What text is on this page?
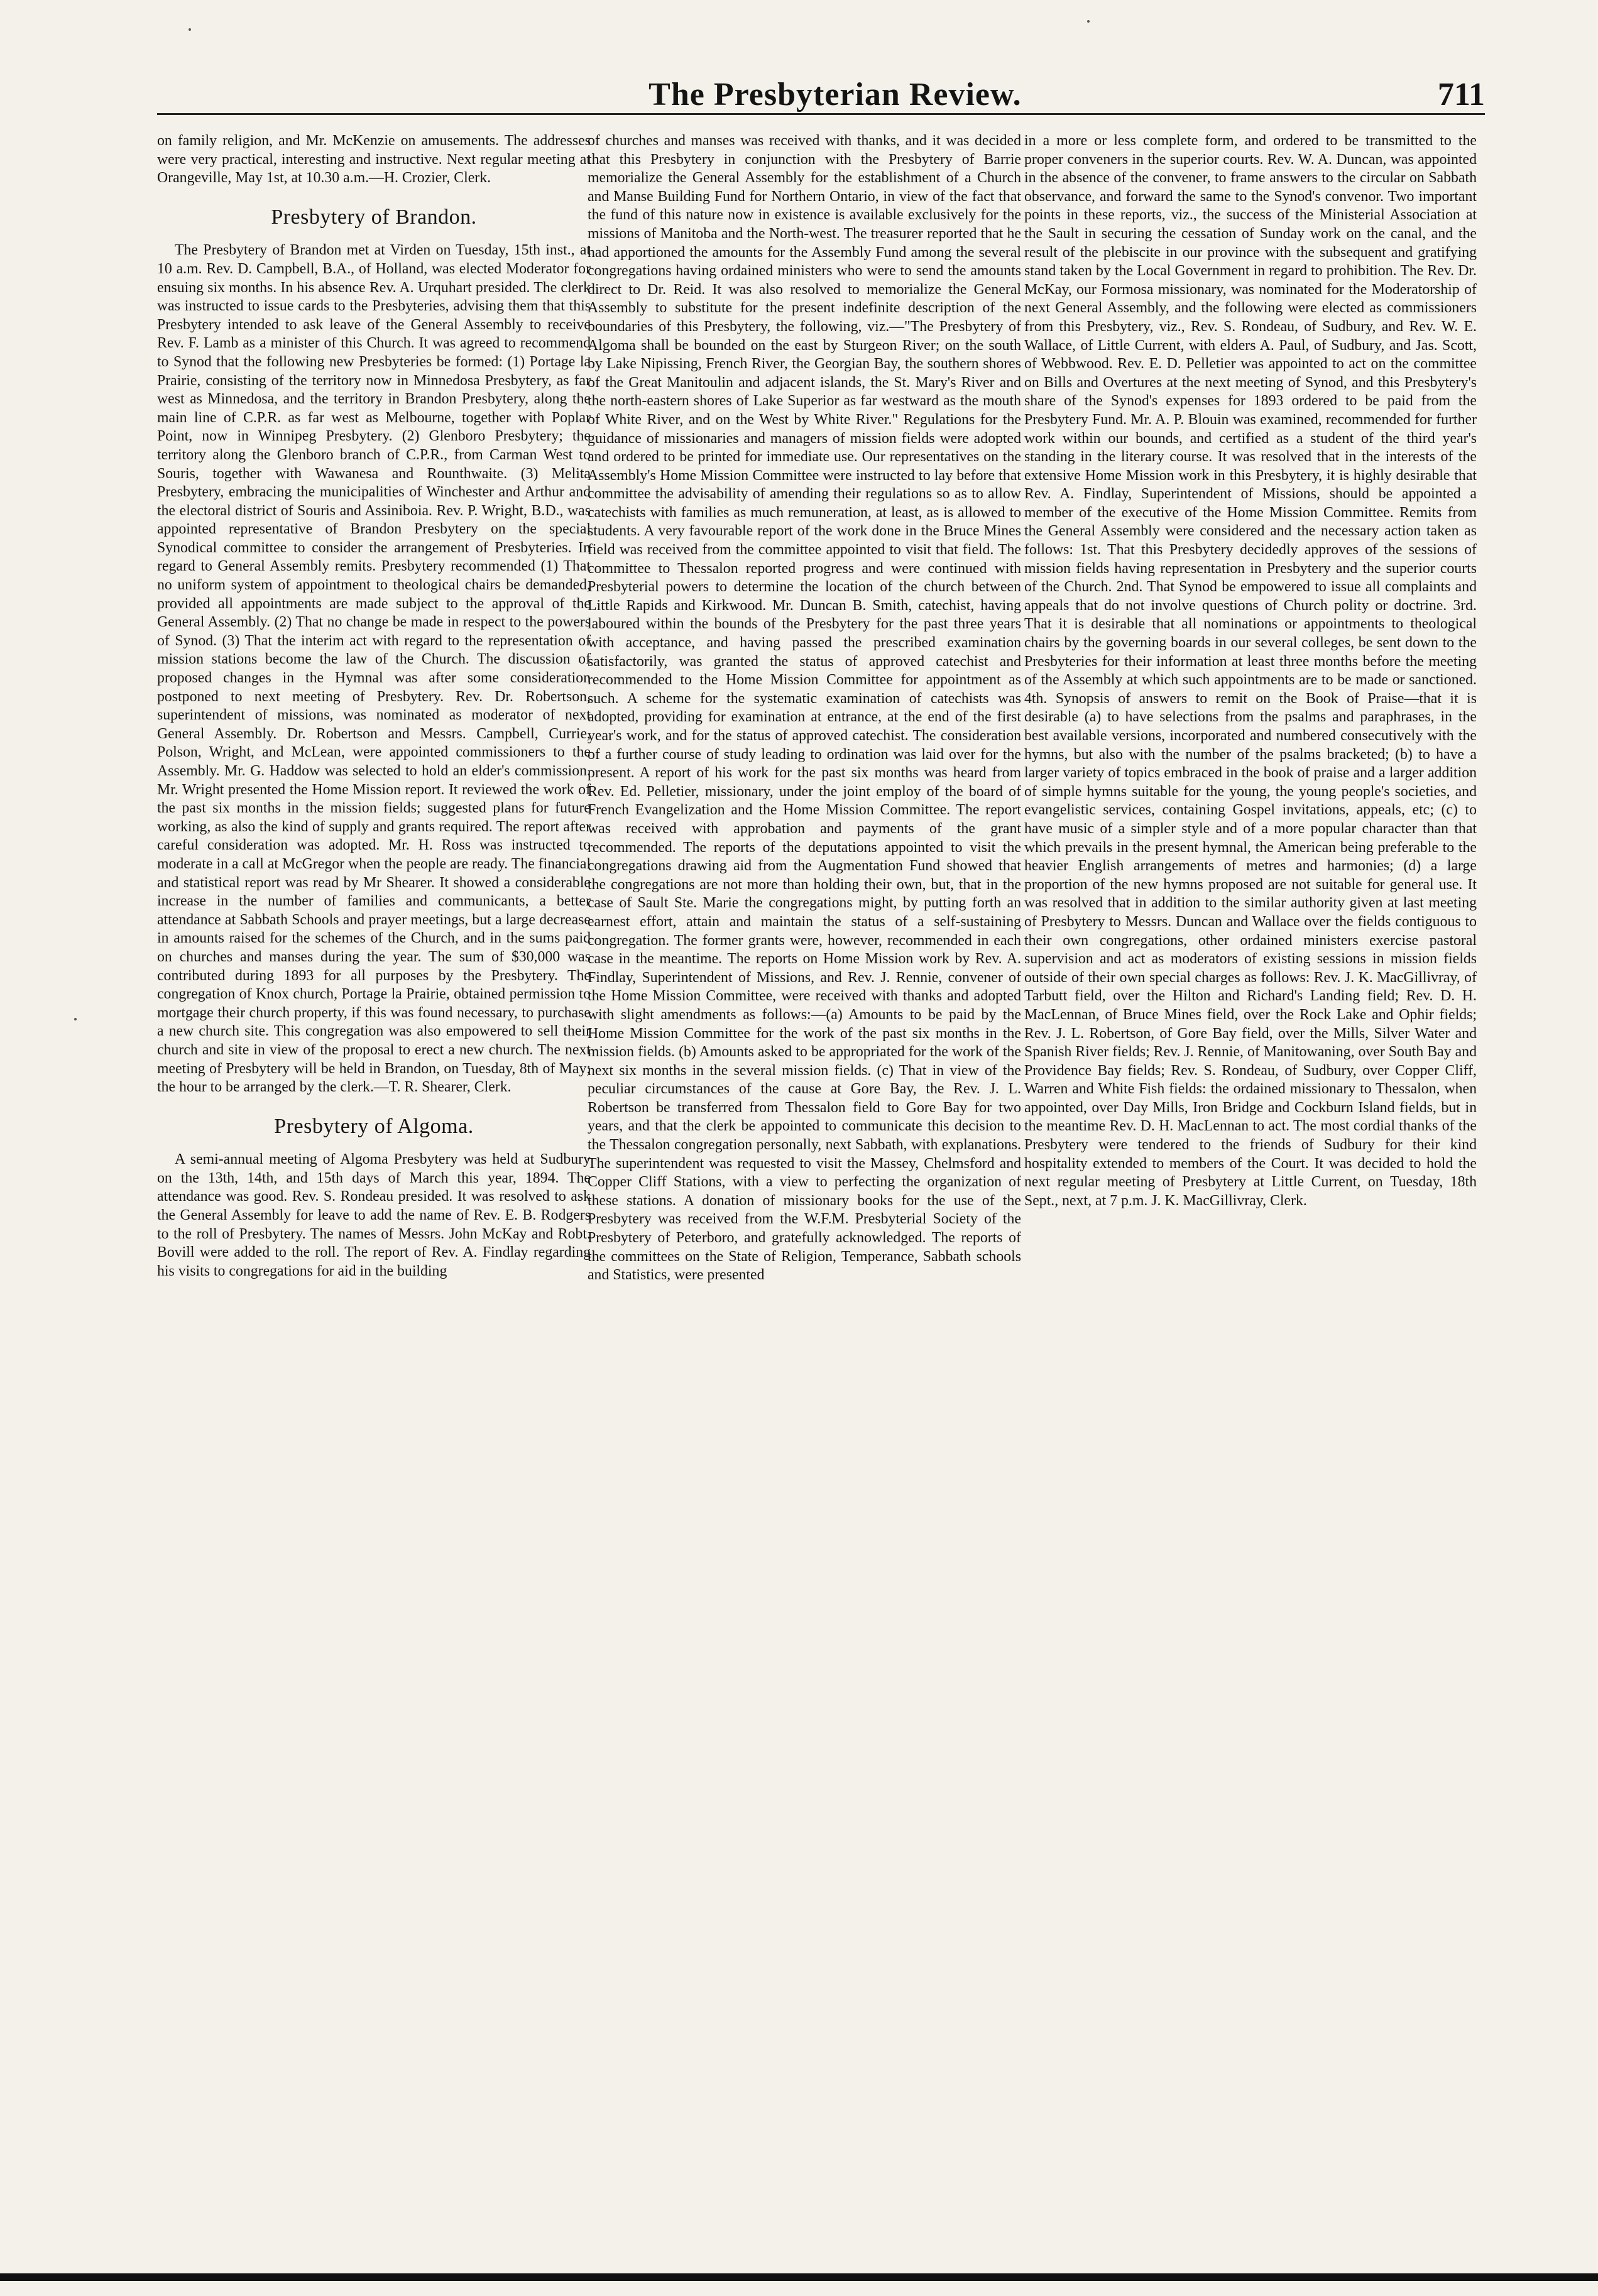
The Presbyterian Review.	711

on family religion, and Mr. McKenzie on amusements. The addresses were very practical, interesting and instructive. Next regular meeting at Orangeville, May 1st, at 10.30 a.m.—H. Crozier, Clerk.

Presbytery of Brandon.

The Presbytery of Brandon met at Virden on Tuesday, 15th inst., at 10 a.m. Rev. D. Campbell, B.A., of Holland, was elected Moderator for ensuing six months. In his absence Rev. A. Urquhart presided. The clerk was instructed to issue cards to the Presbyteries, advising them that this Presbytery intended to ask leave of the General Assembly to receive Rev. F. Lamb as a minister of this Church. It was agreed to recommend to Synod that the following new Presbyteries be formed: (1) Portage la Prairie, consisting of the territory now in Minnedosa Presbytery, as far west as Minnedosa, and the territory in Brandon Presbytery, along the main line of C.P.R. as far west as Melbourne, together with Poplar Point, now in Winnipeg Presbytery. (2) Glenboro Presbytery; the territory along the Glenboro branch of C.P.R., from Carman West to Souris, together with Wawanesa and Rounthwaite. (3) Melita Presbytery, embracing the municipalities of Winchester and Arthur and the electoral district of Souris and Assiniboia. Rev. P. Wright, B.D., was appointed representative of Brandon Presbytery on the special Synodical committee to consider the arrangement of Presbyteries. In regard to General Assembly remits. Presbytery recommended (1) That no uniform system of appointment to theological chairs be demanded, provided all appointments are made subject to the approval of the General Assembly. (2) That no change be made in respect to the powers of Synod. (3) That the interim act with regard to the representation of mission stations become the law of the Church. The discussion of proposed changes in the Hymnal was after some consideration postponed to next meeting of Presbytery. Rev. Dr. Robertson, superintendent of missions, was nominated as moderator of next General Assembly. Dr. Robertson and Messrs. Campbell, Currie, Polson, Wright, and McLean, were appointed commissioners to the Assembly. Mr. G. Haddow was selected to hold an elder's commission. Mr. Wright presented the Home Mission report. It reviewed the work of the past six months in the mission fields; suggested plans for future working, as also the kind of supply and grants required. The report after careful consideration was adopted. Mr. H. Ross was instructed to moderate in a call at McGregor when the people are ready. The financial and statistical report was read by Mr Shearer. It showed a considerable increase in the number of families and communicants, a better attendance at Sabbath Schools and prayer meetings, but a large decrease in amounts raised for the schemes of the Church, and in the sums paid on churches and manses during the year. The sum of $30,000 was contributed during 1893 for all purposes by the Presbytery. The congregation of Knox church, Portage la Prairie, obtained permission to mortgage their church property, if this was found necessary, to purchase a new church site. This congregation was also empowered to sell their church and site in view of the proposal to erect a new church. The next meeting of Presbytery will be held in Brandon, on Tuesday, 8th of May; the hour to be arranged by the clerk.—T. R. Shearer, Clerk.

Presbytery of Algoma.

A semi-annual meeting of Algoma Presbytery was held at Sudbury on the 13th, 14th, and 15th days of March this year, 1894. The attendance was good. Rev. S. Rondeau presided. It was resolved to ask the General Assembly for leave to add the name of Rev. E. B. Rodgers to the roll of Presbytery. The names of Messrs. John McKay and Robt. Bovill were added to the roll. The report of Rev. A. Findlay regarding his visits to congregations for aid in the building

of churches and manses was received with thanks, and it was decided that this Presbytery in conjunction with the Presbytery of Barrie memorialize the General Assembly for the establishment of a Church and Manse Building Fund for Northern Ontario, in view of the fact that the fund of this nature now in existence is available exclusively for the missions of Manitoba and the North-west. The treasurer reported that he had apportioned the amounts for the Assembly Fund among the several congregations having ordained ministers who were to send the amounts direct to Dr. Reid. It was also resolved to memorialize the General Assembly to substitute for the present indefinite description of the boundaries of this Presbytery, the following, viz.—"The Presbytery of Algoma shall be bounded on the east by Sturgeon River; on the south by Lake Nipissing, French River, the Georgian Bay, the southern shores of the Great Manitoulin and adjacent islands, the St. Mary's River and the north-eastern shores of Lake Superior as far westward as the mouth of White River, and on the West by White River." Regulations for the guidance of missionaries and managers of mission fields were adopted and ordered to be printed for immediate use. Our representatives on the Assembly's Home Mission Committee were instructed to lay before that committee the advisability of amending their regulations so as to allow catechists with families as much remuneration, at least, as is allowed to students. A very favourable report of the work done in the Bruce Mines field was received from the committee appointed to visit that field. The committee to Thessalon reported progress and were continued with Presbyterial powers to determine the location of the church between Little Rapids and Kirkwood. Mr. Duncan B. Smith, catechist, having laboured within the bounds of the Presbytery for the past three years with acceptance, and having passed the prescribed examination satisfactorily, was granted the status of approved catechist and recommended to the Home Mission Committee for appointment as such. A scheme for the systematic examination of catechists was adopted, providing for examination at entrance, at the end of the first year's work, and for the status of approved catechist. The consideration of a further course of study leading to ordination was laid over for the present. A report of his work for the past six months was heard from Rev. Ed. Pelletier, missionary, under the joint employ of the board of French Evangelization and the Home Mission Committee. The report was received with approbation and payments of the grant recommended. The reports of the deputations appointed to visit the congregations drawing aid from the Augmentation Fund showed that the congregations are not more than holding their own, but, that in the case of Sault Ste. Marie the congregations might, by putting forth an earnest effort, attain and maintain the status of a self-sustaining congregation. The former grants were, however, recommended in each case in the meantime. The reports on Home Mission work by Rev. A. Findlay, Superintendent of Missions, and Rev. J. Rennie, convener of the Home Mission Committee, were received with thanks and adopted with slight amendments as follows:—(a) Amounts to be paid by the Home Mission Committee for the work of the past six months in the mission fields. (b) Amounts asked to be appropriated for the work of the next six months in the several mission fields. (c) That in view of the peculiar circumstances of the cause at Gore Bay, the Rev. J. L. Robertson be transferred from Thessalon field to Gore Bay for two years, and that the clerk be appointed to communicate this decision to the Thessalon congregation personally, next Sabbath, with explanations. The superintendent was requested to visit the Massey, Chelmsford and Copper Cliff Stations, with a view to perfecting the organization of these stations. A donation of missionary books for the use of the Presbytery was received from the W.F.M. Presbyterial Society of the Presbytery of Peterboro, and gratefully acknowledged. The reports of the committees on the State of Religion, Temperance, Sabbath schools and Statistics, were presented

in a more or less complete form, and ordered to be transmitted to the proper conveners in the superior courts. Rev. W. A. Duncan, was appointed in the absence of the convener, to frame answers to the circular on Sabbath observance, and forward the same to the Synod's convenor. Two important points in these reports, viz., the success of the Ministerial Association at the Sault in securing the cessation of Sunday work on the canal, and the result of the plebiscite in our province with the subsequent and gratifying stand taken by the Local Government in regard to prohibition. The Rev. Dr. McKay, our Formosa missionary, was nominated for the Moderatorship of next General Assembly, and the following were elected as commissioners from this Presbytery, viz., Rev. S. Rondeau, of Sudbury, and Rev. W. E. Wallace, of Little Current, with elders A. Paul, of Sudbury, and Jas. Scott, of Webbwood. Rev. E. D. Pelletier was appointed to act on the committee on Bills and Overtures at the next meeting of Synod, and this Presbytery's share of the Synod's expenses for 1893 ordered to be paid from the Presbytery Fund. Mr. A. P. Blouin was examined, recommended for further work within our bounds, and certified as a student of the third year's standing in the literary course. It was resolved that in the interests of the extensive Home Mission work in this Presbytery, it is highly desirable that Rev. A. Findlay, Superintendent of Missions, should be appointed a member of the executive of the Home Mission Committee. Remits from the General Assembly were considered and the necessary action taken as follows: 1st. That this Presbytery decidedly approves of the sessions of mission fields having representation in Presbytery and the superior courts of the Church. 2nd. That Synod be empowered to issue all complaints and appeals that do not involve questions of Church polity or doctrine. 3rd. That it is desirable that all nominations or appointments to theological chairs by the governing boards in our several colleges, be sent down to the Presbyteries for their information at least three months before the meeting of the Assembly at which such appointments are to be made or sanctioned. 4th. Synopsis of answers to remit on the Book of Praise—that it is desirable (a) to have selections from the psalms and paraphrases, in the best available versions, incorporated and numbered consecutively with the hymns, but also with the number of the psalms bracketed; (b) to have a larger variety of topics embraced in the book of praise and a larger addition of simple hymns suitable for the young, the young people's societies, and evangelistic services, containing Gospel invitations, appeals, etc; (c) to have music of a simpler style and of a more popular character than that which prevails in the present hymnal, the American being preferable to the heavier English arrangements of metres and harmonies; (d) a large proportion of the new hymns proposed are not suitable for general use. It was resolved that in addition to the similar authority given at last meeting of Presbytery to Messrs. Duncan and Wallace over the fields contiguous to their own congregations, other ordained ministers exercise pastoral supervision and act as moderators of existing sessions in mission fields outside of their own special charges as follows: Rev. J. K. MacGillivray, of Tarbutt field, over the Hilton and Richard's Landing field; Rev. D. H. MacLennan, of Bruce Mines field, over the Rock Lake and Ophir fields; Rev. J. L. Robertson, of Gore Bay field, over the Mills, Silver Water and Spanish River fields; Rev. J. Rennie, of Manitowaning, over South Bay and Providence Bay fields; Rev. S. Rondeau, of Sudbury, over Copper Cliff, Warren and White Fish fields: the ordained missionary to Thessalon, when appointed, over Day Mills, Iron Bridge and Cockburn Island fields, but in the meantime Rev. D. H. MacLennan to act. The most cordial thanks of the Presbytery were tendered to the friends of Sudbury for their kind hospitality extended to members of the Court. It was decided to hold the next regular meeting of Presbytery at Little Current, on Tuesday, 18th Sept., next, at 7 p.m. J. K. MacGillivray, Clerk.
